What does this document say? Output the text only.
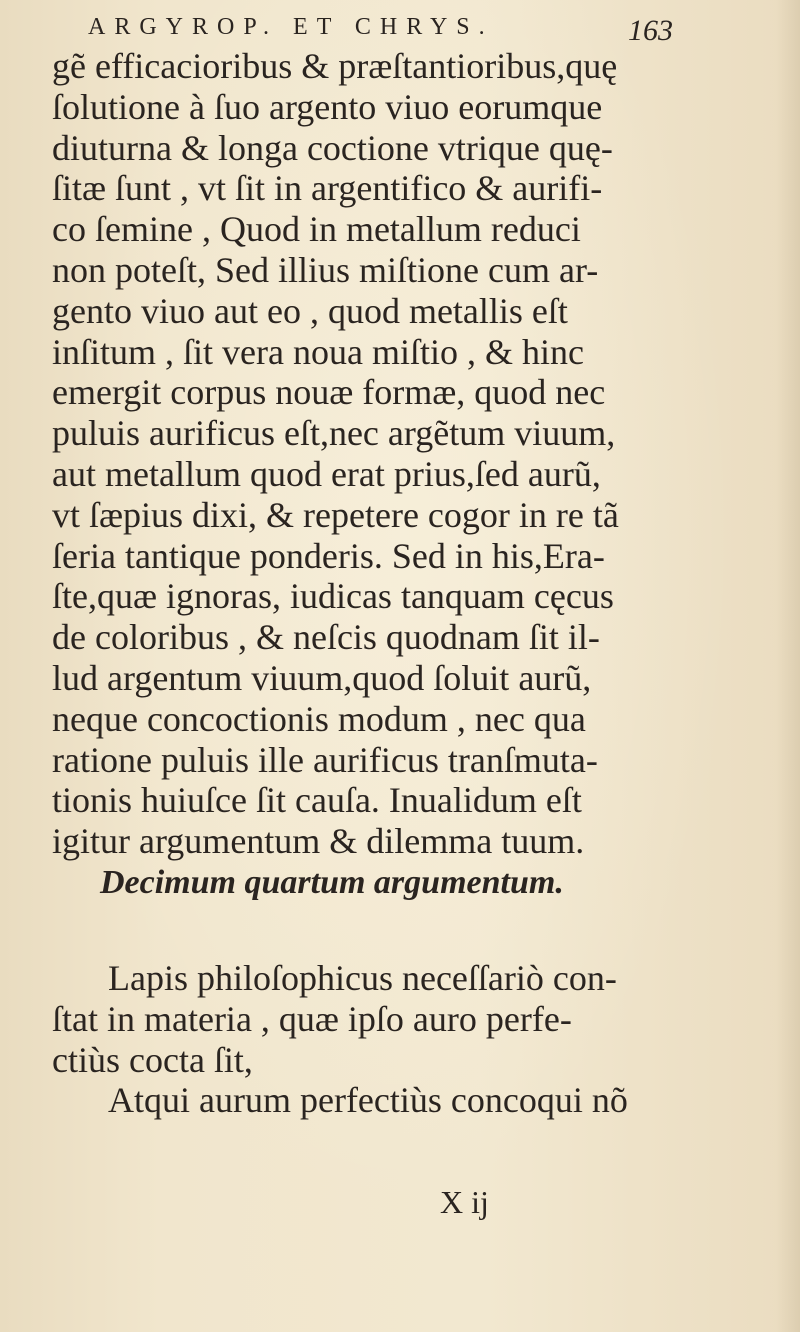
ARGYROP. ET CHRYS.	163
gẽ efficacioribus & præſtantioribus,quę
ſolutione à ſuo argento viuo eorumque
diuturna & longa coctione vtrique quę-
ſitæ ſunt , vt ſit in argentifico & aurifi-
co ſemine , Quod in metallum reduci
non poteſt, Sed illius miſtione cum ar-
gento viuo aut eo , quod metallis eſt
inſitum , ſit vera noua miſtio , & hinc
emergit corpus nouæ formæ, quod nec
puluis aurificus eſt,nec argẽtum viuum,
aut metallum quod erat prius,ſed aurũ,
vt ſæpius dixi, & repetere cogor in re tã
ſeria tantique ponderis. Sed in his,Era-
ſte,quæ ignoras, iudicas tanquam cęcus
de coloribus , & neſcis quodnam ſit il-
lud argentum viuum,quod ſoluit aurũ,
neque concoctionis modum , nec qua
ratione puluis ille aurificus tranſmuta-
tionis huiuſce ſit cauſa. Inualidum eſt
igitur argumentum & dilemma tuum.
Decimum quartum argumentum.
Lapis philoſophicus neceſſariò con-
ſtat in materia , quæ ipſo auro perfe-
ctiùs cocta ſit,
Atqui aurum perfectiùs concoqui nõ
X ij
